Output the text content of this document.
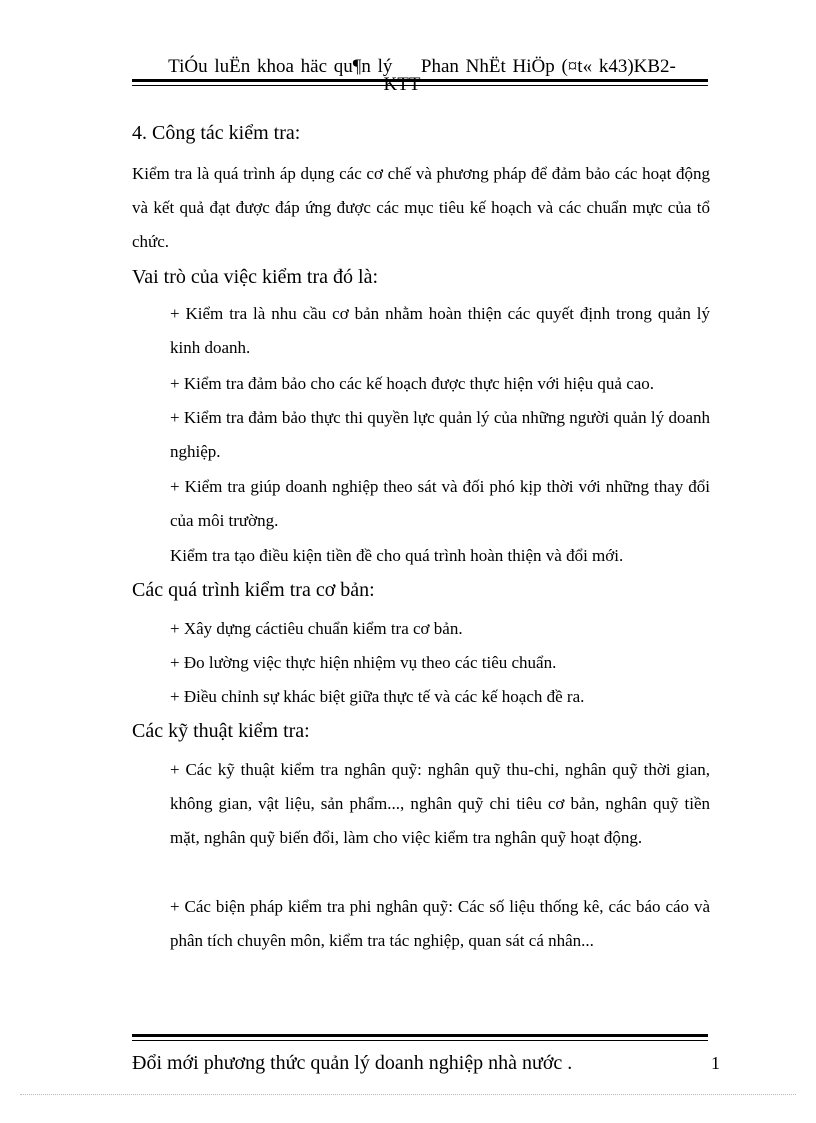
TiÓu luËn khoa häc qu¶n lý Phan NhËt HiÖp (¤t« k43)KB2-
KTT
4. Công tác kiểm tra:
Kiểm tra là quá trình áp dụng các cơ chế và phương pháp để đảm bảo các hoạt động và kết quả đạt được đáp ứng được các mục tiêu kế hoạch và các chuẩn mực của tổ chức.
Vai trò của việc kiểm tra đó là:
+ Kiểm tra là nhu cầu cơ bản nhằm hoàn thiện các quyết định trong quản lý kinh doanh.
+ Kiểm tra đảm bảo cho các kế hoạch được thực hiện với hiệu quả cao.
+ Kiểm tra đảm bảo thực thi quyền lực quản lý của những người quản lý doanh nghiệp.
+ Kiểm tra giúp doanh nghiệp theo sát và đối phó kịp thời với những thay đổi của môi trường.
Kiểm tra tạo điều kiện tiền đề cho quá trình hoàn thiện và đổi mới.
Các quá trình kiểm tra cơ bản:
+ Xây dựng cáctiêu chuẩn kiểm tra cơ bản.
+ Đo lường việc thực hiện nhiệm vụ theo các tiêu chuẩn.
+ Điều chỉnh sự khác biệt giữa thực tế và các kế hoạch đề ra.
Các kỹ thuật kiểm tra:
+ Các kỹ thuật kiểm tra nghân quỹ: nghân quỹ thu-chi, nghân quỹ thời gian, không gian, vật liệu, sản phẩm..., nghân quỹ chi tiêu cơ bản, nghân quỹ tiền mặt, nghân quỹ biến đổi, làm cho việc kiểm tra nghân quỹ hoạt động.
+ Các biện pháp kiểm tra phi nghân quỹ: Các số liệu thống kê, các báo cáo và phân tích chuyên môn, kiểm tra tác nghiệp, quan sát cá nhân...
Đổi mới phương thức quản lý doanh nghiệp nhà nước .	1
